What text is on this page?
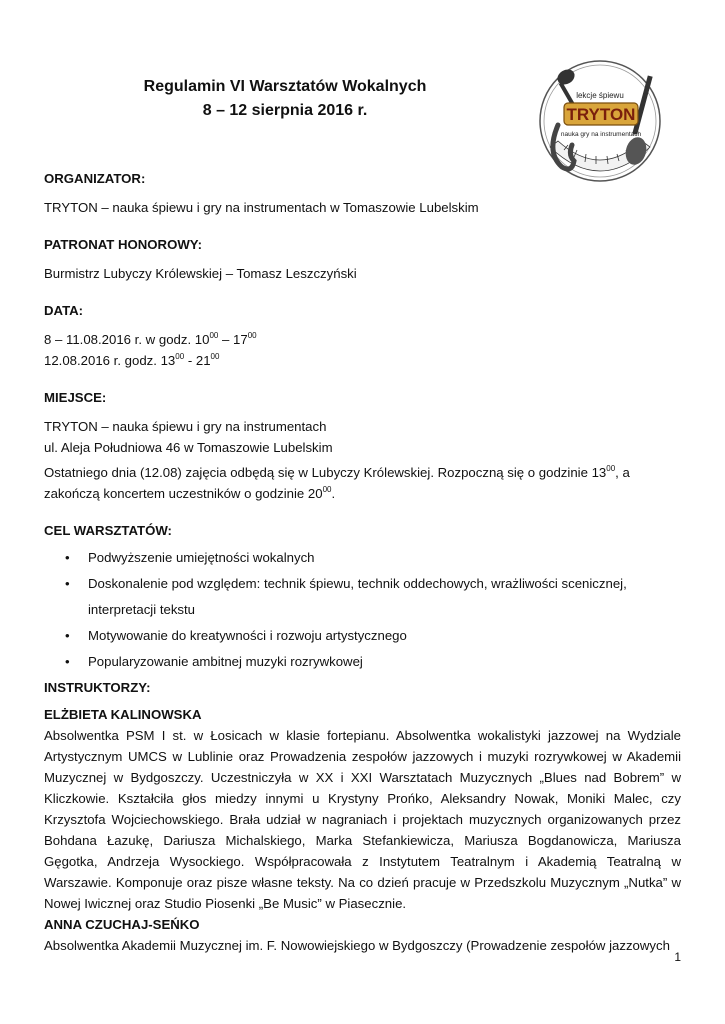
Regulamin VI Warsztatów Wokalnych

8 – 12 sierpnia 2016 r.

lekcje śpiewu
TRYTON
nauka gry na instrumentach

ORGANIZATOR:

TRYTON – nauka śpiewu i gry na instrumentach w Tomaszowie Lubelskim

PATRONAT HONOROWY:

Burmistrz Lubyczy Królewskiej – Tomasz Leszczyński

DATA:

8 – 11.08.2016 r. w godz. $10^{00} - 17^{00}$

12.08.2016 r. godz. $13^{00} - 21^{00}$

MIEJSCE:

TRYTON – nauka śpiewu i gry na instrumentach

ul. Aleja Południowa 46 w Tomaszowie Lubelskim

Ostatniego dnia (12.08) zajęcia odbędą się w Lubyczy Królewskiej. Rozpoczną się o godzinie $13^{00}$, a zakończą koncertem uczestników o godzinie $20^{00}$.

CEL WARSZTATÓW:

• Podwyższenie umiejętności wokalnych
• Doskonalenie pod względem: technik śpiewu, technik oddechowych, wrażliwości scenicznej,
interpretacji tekstu
• Motywowanie do kreatywności i rozwoju artystycznego
• Popularyzowanie ambitnej muzyki rozrywkowej

INSTRUKTORZY:

ELŻBIETA KALINOWSKA

Absolwentka PSM I st. w Łosicach w klasie fortepianu. Absolwentka wokalistyki jazzowej na Wydziale Artystycznym UMCS w Lublinie oraz Prowadzenia zespołów jazzowych i muzyki rozrywkowej w Akademii Muzycznej w Bydgoszczy. Uczestniczyła w XX i XXI Warsztatach Muzycznych „Blues nad Bobrem” w Kliczkowie. Kształciła głos miedzy innymi u Krystyny Prońko, Aleksandry Nowak, Moniki Malec, czy Krzysztofa Wojciechowskiego. Brała udział w nagraniach i projektach muzycznych organizowanych przez Bohdana Łazukę, Dariusza Michalskiego, Marka Stefankiewicza, Mariusza Bogdanowicza, Mariusza Gęgotka, Andrzeja Wysockiego. Współpracowała z Instytutem Teatralnym i Akademią Teatralną w Warszawie. Komponuje oraz pisze własne teksty. Na co dzień pracuje w Przedszkolu Muzycznym „Nutka” w Nowej Iwicznej oraz Studio Piosenki „Be Music” w Piasecznie.

ANNA CZUCHAJ-SEŃKO

Absolwentka Akademii Muzycznej im. F. Nowowiejskiego w Bydgoszczy (Prowadzenie zespołów jazzowych

1
